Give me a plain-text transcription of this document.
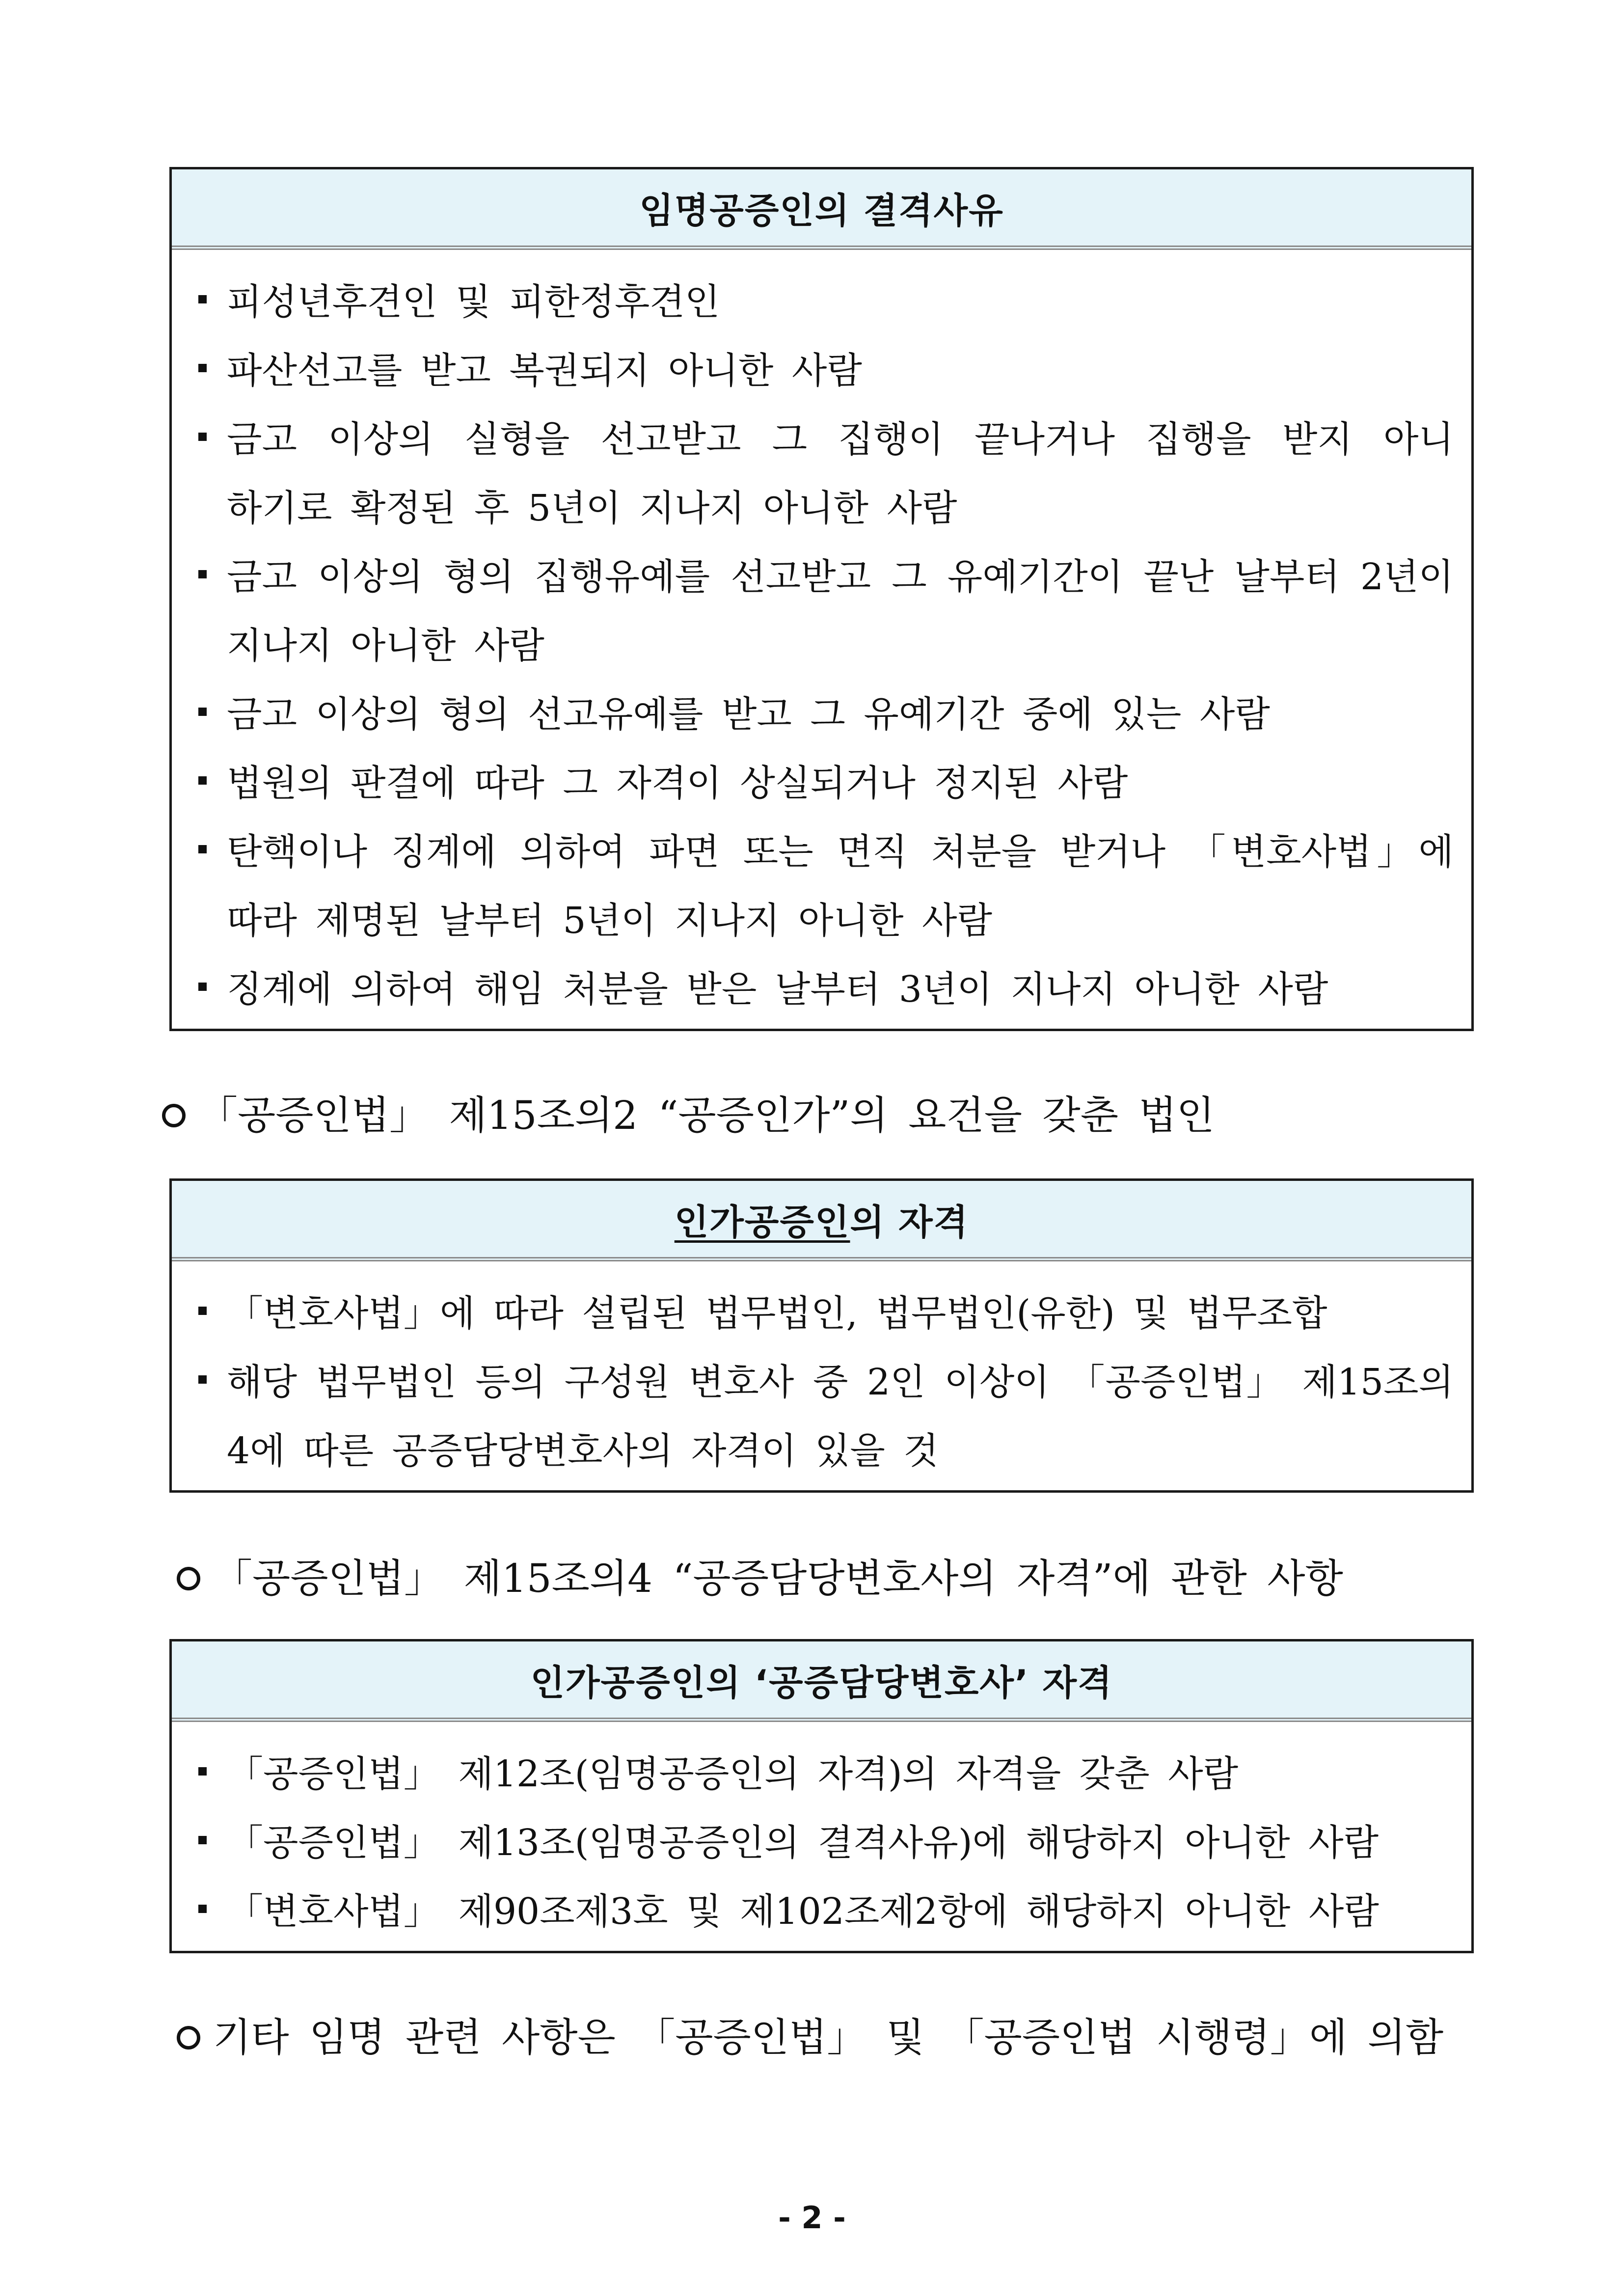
임명공증인의 결격사유
피성년후견인 및 피한정후견인
파산선고를 받고 복권되지 아니한 사람
금고 이상의 실형을 선고받고 그 집행이 끝나거나 집행을 받지 아니
하기로 확정된 후 5년이 지나지 아니한 사람
금고 이상의 형의 집행유예를 선고받고 그 유예기간이 끝난 날부터 2년이
지나지 아니한 사람
금고 이상의 형의 선고유예를 받고 그 유예기간 중에 있는 사람
법원의 판결에 따라 그 자격이 상실되거나 정지된 사람
탄핵이나 징계에 의하여 파면 또는 면직 처분을 받거나 「변호사법」에
따라 제명된 날부터 5년이 지나지 아니한 사람
징계에 의하여 해임 처분을 받은 날부터 3년이 지나지 아니한 사람
「공증인법」 제15조의2 “공증인가”의 요건을 갖춘 법인
인가공증인 의 자격
「변호사법」에 따라 설립된 법무법인, 법무법인(유한) 및 법무조합
해당 법무법인 등의 구성원 변호사 중 2인 이상이 「공증인법」 제15조의
4에 따른 공증담당변호사의 자격이 있을 것
「공증인법」 제15조의4 “공증담당변호사의 자격”에 관한 사항
인가공증인의 ‘공증담당변호사’ 자격
「공증인법」 제12조(임명공증인의 자격)의 자격을 갖춘 사람
「공증인법」 제13조(임명공증인의 결격사유)에 해당하지 아니한 사람
「변호사법」 제90조제3호 및 제102조제2항에 해당하지 아니한 사람
기타 임명 관련 사항은 「공증인법」 및 「공증인법 시행령」에 의함
- 2 -
